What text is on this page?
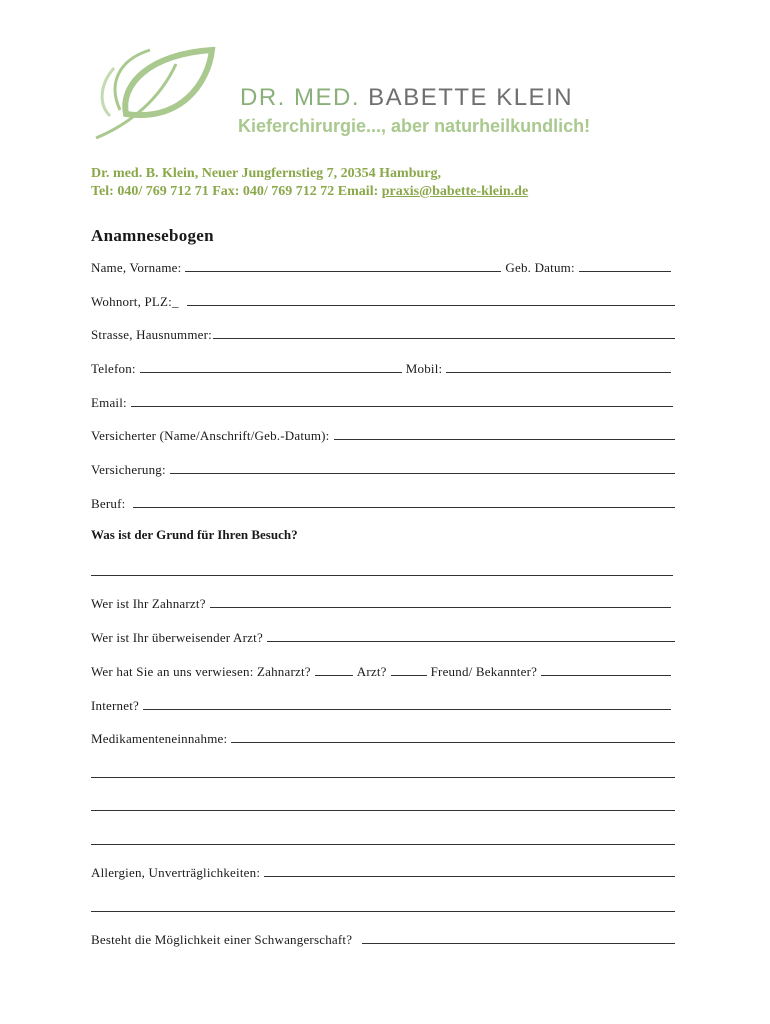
DR. MED. BABETTE KLEIN
Kieferchirurgie..., aber naturheilkundlich!
Dr. med. B. Klein, Neuer Jungfernstieg 7, 20354 Hamburg,
Tel: 040/ 769 712 71 Fax: 040/ 769 712 72 Email: praxis@babette-klein.de
Anamnesebogen
Name, Vorname:	Geb. Datum:
Wohnort, PLZ:_
Strasse, Hausnummer:
Telefon:	Mobil:
Email:
Versicherter (Name/Anschrift/Geb.-Datum):
Versicherung:
Beruf:
Was ist der Grund für Ihren Besuch?
Wer ist Ihr Zahnarzt?
Wer ist Ihr überweisender Arzt?
Wer hat Sie an uns verwiesen: Zahnarzt?	Arzt?	Freund/ Bekannter?
Internet?
Medikamenteneinnahme:
Allergien, Unverträglichkeiten:
Besteht die Möglichkeit einer Schwangerschaft?
